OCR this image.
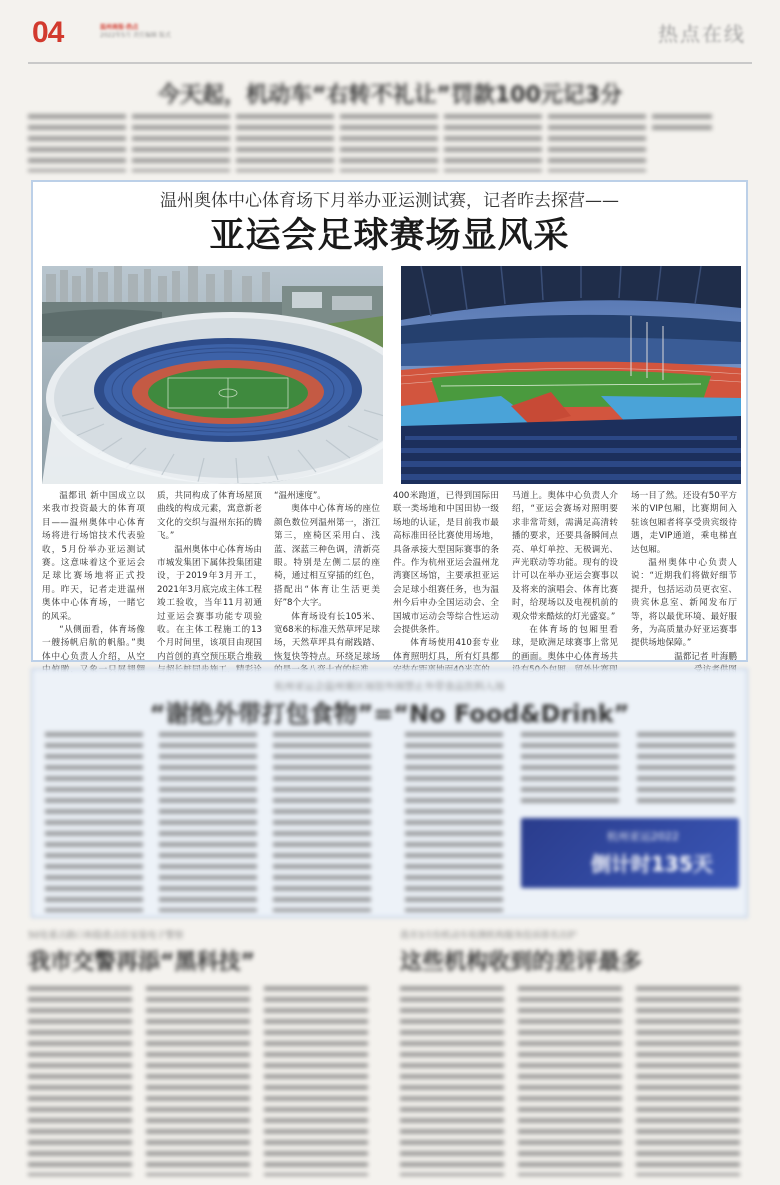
04	温州商报·热点
2022年5月 责任编辑 版式	热点在线
今天起，机动车“右转不礼让”罚款100元记3分
温州奥体中心体育场下月举办亚运测试赛，记者昨去探营——
亚运会足球赛场显风采

温都讯 新中国成立以来我市投资最大的体育项目——温州奥体中心体育场将进行场馆技术代表验收，5月份举办亚运测试赛。这意味着这个亚运会足球比赛场地将正式投用。昨天，记者走进温州奥体中心体育场，一睹它的风采。

“从侧面看，体育场像一艘扬帆启航的帆船。”奥体中心负责人介绍，从空

质，共同构成了体育场屋顶曲线的构成元素，寓意新老文化的交织与温州东拓的腾飞。”

温州奥体中心体育场由市城发集团下属体投集团建设，于2019年3月开工，2021年3月底完成主体工程竣工验收，当年11月初通过亚运会赛事功能专项验收。在主体工程施工的13个月时间里，该项目由现国内首创的真空预压联合堆载

“温州速度”。

奥体中心体育场的座位颜色数位列温州第一，浙江第三，座椅区采用白、浅蓝、深蓝三种色调，清新亮眼。特别是左侧二层的座椅，通过相互穿插的红色，搭配出“体育让生活更美好”8个大字。

体育场设有长105米、宽68米的标准天然草坪足球场，天然草坪具有耐践踏、恢复快等特点。环绕足球场

400米跑道，已得到国际田联一类场地和中国田协一级场地的认证，是目前我市最高标准田径比赛使用场地，具备承接大型国际赛事的条件。作为杭州亚运会温州龙湾赛区场馆，主要承担亚运会足球小组赛任务，也为温州今后申办全国运动会、全国城市运动会等综合性运动会提供条件。

体育场使用410套专业体育照明灯具，所有灯具都

马道上。奥体中心负责人介绍，“亚运会赛场对照明要求非常苛刻，需满足高清转播的要求，还要具备瞬间点亮、单灯单控、无极调光、声光联动等功能。现有的设计可以在举办亚运会赛事以及将来的演唱会、体育比赛时，给现场以及电视机前的观众带来酷炫的灯光盛宴。”

在体育场的包厢里看球，是欧洲足球赛事上常见的画面。奥体中心体育场共

场一目了然。还设有50平方米的VIP包厢，比赛期间入驻该包厢者将享受贵宾级待遇，走VIP通道，乘电梯直达包厢。

温州奥体中心负责人说：“近期我们将做好细节提升，包括运动员更衣室、贵宾休息室、新闻发布厅等，将以最优环境、最好服务，为高质量办好亚运赛事提供场地保障。”

温都记者 叶海鹏
杭州亚运会温州赛区场馆外围禁止外带食品饮料入场
“谢绝外带打包食物”=“No Food&Drink”
杭州亚运2022
倒计时135天
50处重点路口和隐患点位安装电子警察
我市交警再添“黑科技”
我市3月份机动车检测机构服务投诉排名出炉
这些机构收到的差评最多
